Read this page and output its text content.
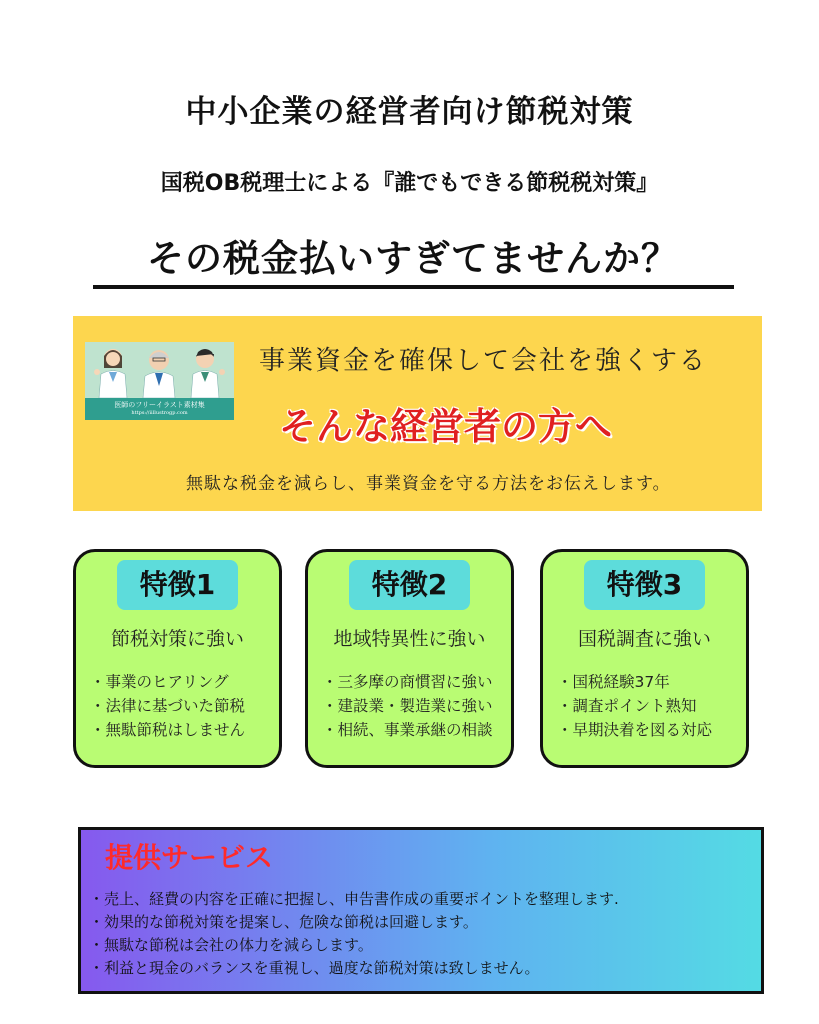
中小企業の経営者向け節税対策
国税OB税理士による『誰でもできる節税税対策』
その税金払いすぎてませんか？
医師のフリーイラスト素材集
https://iillustrogp.com
事業資金を確保して会社を強くする
そんな経営者の方へ
無駄な税金を減らし、事業資金を守る方法をお伝えします。
特徴1
節税対策に強い
・ 事業のヒアリング
・ 法律に基づいた節税
・ 無駄節税はしません
特徴2
地域特異性に強い
・ 三多摩の商慣習に強い
・ 建設業・製造業に強い
・ 相続、事業承継の相談
特徴3
国税調査に強い
・ 国税経験37年
・ 調査ポイント熟知
・ 早期決着を図る対応
提供サービス
・ 売上、経費の内容を正確に把握し、申告書作成の重要ポイントを整理します.
・ 効果的な節税対策を提案し、危険な節税は回避します。
・ 無駄な節税は会社の体力を減らします。
・ 利益と現金のバランスを重視し、過度な節税対策は致しません。
